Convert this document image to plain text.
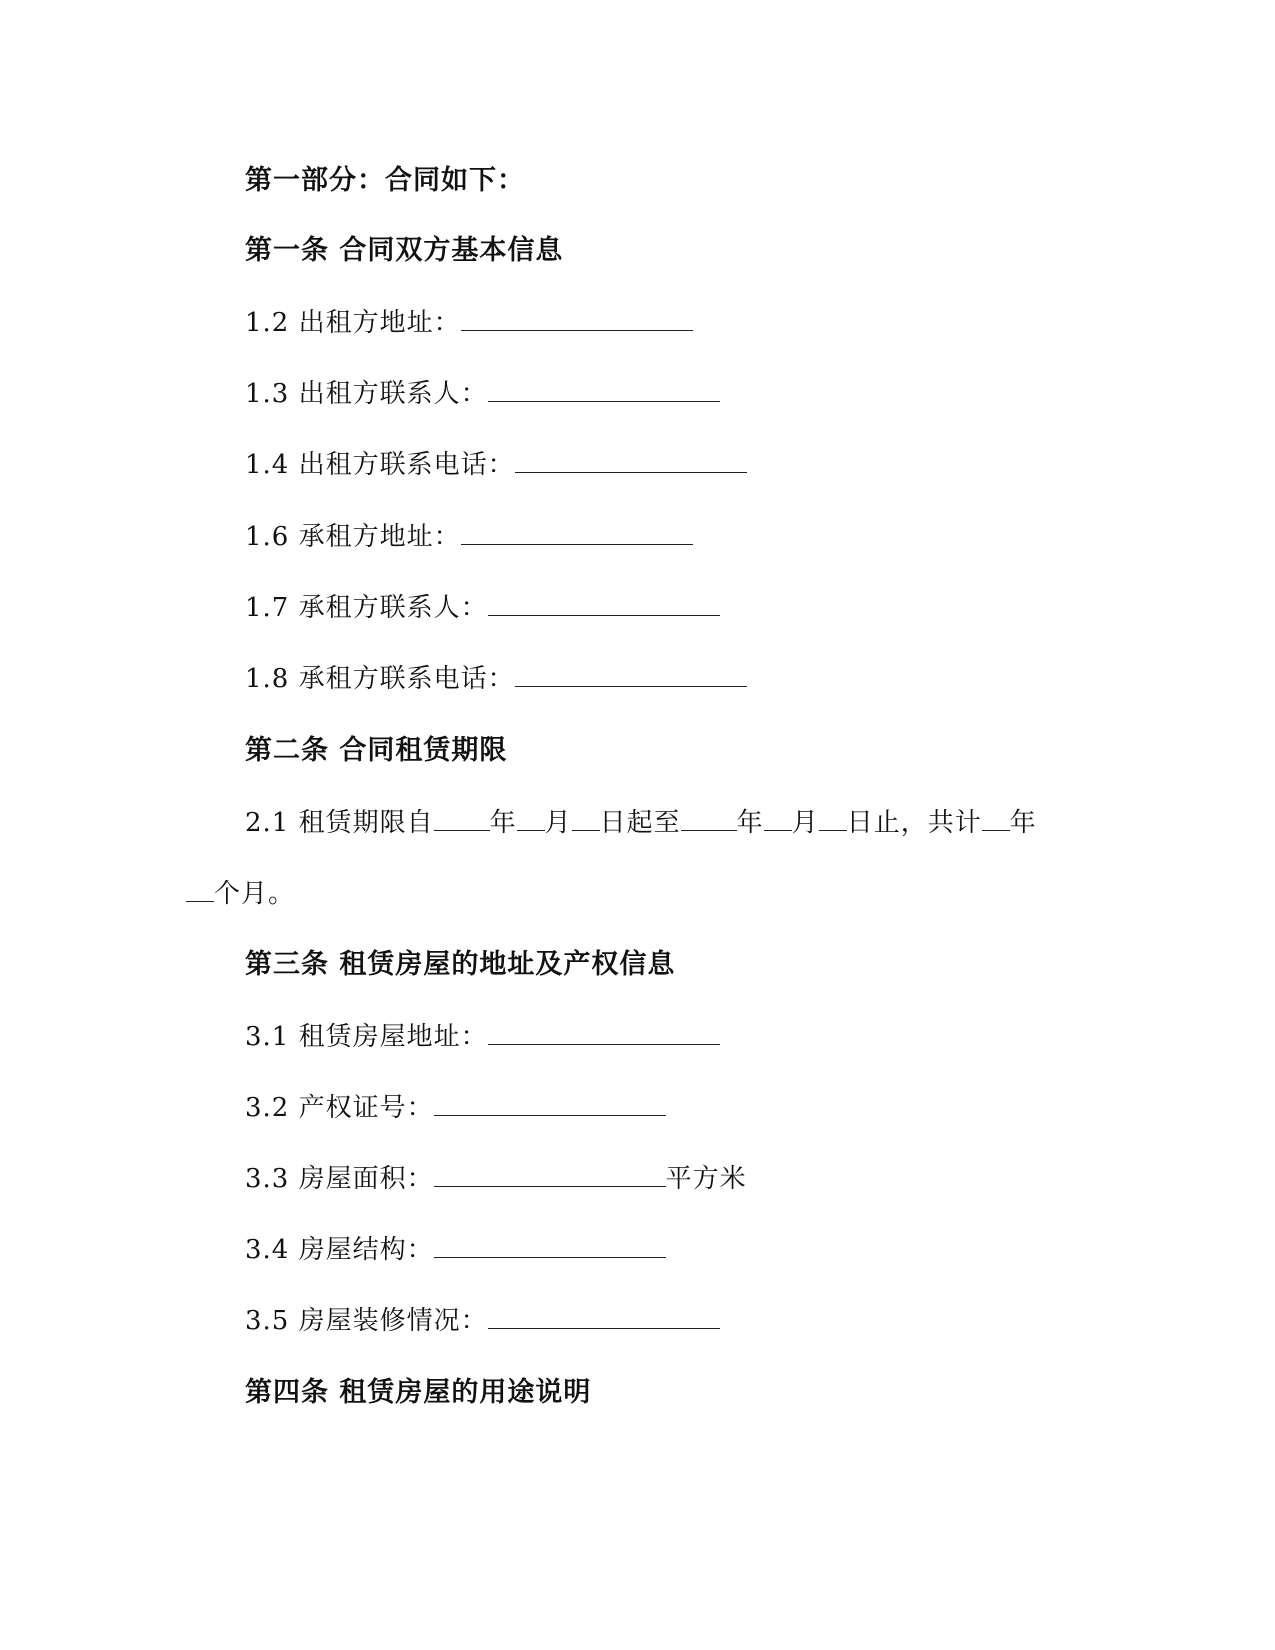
第一部分：合同如下：
第一条 合同双方基本信息
1.2 出租方地址：
1.3 出租方联系人：
1.4 出租方联系电话：
1.6 承租方地址：
1.7 承租方联系人：
1.8 承租方联系电话：
第二条 合同租赁期限
2.1 租赁期限自 年 月 日起至 年 月 日止，共计 年
个月。
第三条 租赁房屋的地址及产权信息
3.1 租赁房屋地址：
3.2 产权证号：
3.3 房屋面积：	平方米
3.4 房屋结构：
3.5 房屋装修情况：
第四条 租赁房屋的用途说明
